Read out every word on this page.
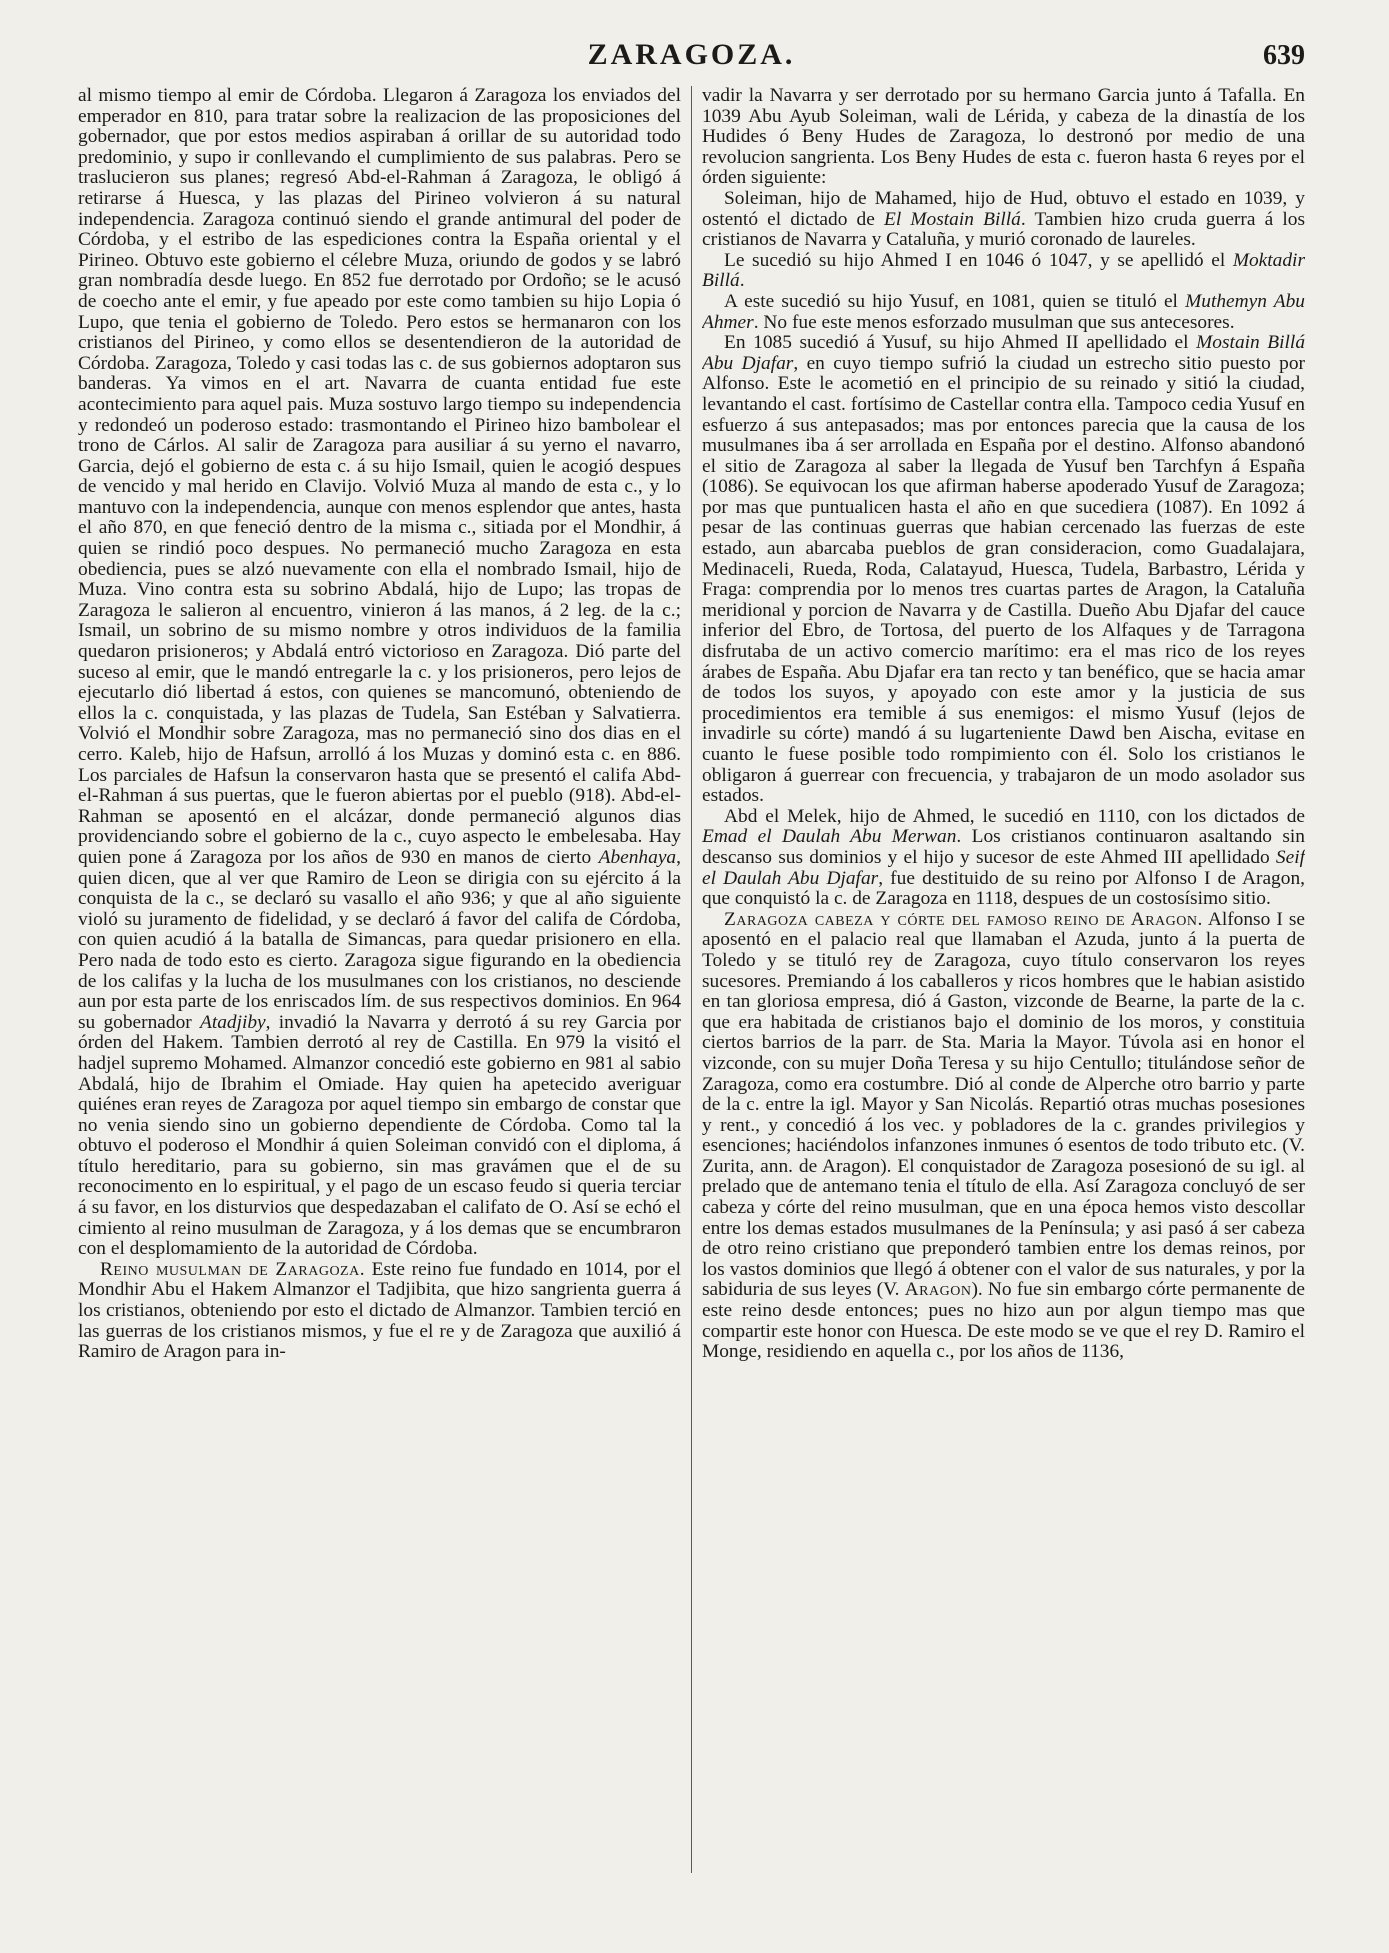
ZARAGOZA.	639

al mismo tiempo al emir de Córdoba. Llegaron á Zaragoza los enviados del emperador en 810, para tratar sobre la realizacion de las proposiciones del gobernador, que por estos medios aspiraban á orillar de su autoridad todo predominio, y supo ir conllevando el cumplimiento de sus palabras. Pero se traslucieron sus planes; regresó Abd-el-Rahman á Zaragoza, le obligó á retirarse á Huesca, y las plazas del Pirineo volvieron á su natural independencia. Zaragoza continuó siendo el grande antimural del poder de Córdoba, y el estribo de las espediciones contra la España oriental y el Pirineo. Obtuvo este gobierno el célebre Muza, oriundo de godos y se labró gran nombradía desde luego. En 852 fue derrotado por Ordoño; se le acusó de coecho ante el emir, y fue apeado por este como tambien su hijo Lopia ó Lupo, que tenia el gobierno de Toledo. Pero estos se hermanaron con los cristianos del Pirineo, y como ellos se desentendieron de la autoridad de Córdoba. Zaragoza, Toledo y casi todas las c. de sus gobiernos adoptaron sus banderas. Ya vimos en el art. Navarra de cuanta entidad fue este acontecimiento para aquel pais. Muza sostuvo largo tiempo su independencia y redondeó un poderoso estado: trasmontando el Pirineo hizo bambolear el trono de Cárlos. Al salir de Zaragoza para ausiliar á su yerno el navarro, Garcia, dejó el gobierno de esta c. á su hijo Ismail, quien le acogió despues de vencido y mal herido en Clavijo. Volvió Muza al mando de esta c., y lo mantuvo con la independencia, aunque con menos esplendor que antes, hasta el año 870, en que feneció dentro de la misma c., sitiada por el Mondhir, á quien se rindió poco despues. No permaneció mucho Zaragoza en esta obediencia, pues se alzó nuevamente con ella el nombrado Ismail, hijo de Muza. Vino contra esta su sobrino Abdalá, hijo de Lupo; las tropas de Zaragoza le salieron al encuentro, vinieron á las manos, á 2 leg. de la c.; Ismail, un sobrino de su mismo nombre y otros individuos de la familia quedaron prisioneros; y Abdalá entró victorioso en Zaragoza. Dió parte del suceso al emir, que le mandó entregarle la c. y los prisioneros, pero lejos de ejecutarlo dió libertad á estos, con quienes se mancomunó, obteniendo de ellos la c. conquistada, y las plazas de Tudela, San Estéban y Salvatierra. Volvió el Mondhir sobre Zaragoza, mas no permaneció sino dos dias en el cerro. Kaleb, hijo de Hafsun, arrolló á los Muzas y dominó esta c. en 886. Los parciales de Hafsun la conservaron hasta que se presentó el califa Abd-el-Rahman á sus puertas, que le fueron abiertas por el pueblo (918). Abd-el-Rahman se aposentó en el alcázar, donde permaneció algunos dias providenciando sobre el gobierno de la c., cuyo aspecto le embelesaba. Hay quien pone á Zaragoza por los años de 930 en manos de cierto Abenhaya, quien dicen, que al ver que Ramiro de Leon se dirigia con su ejército á la conquista de la c., se declaró su vasallo el año 936; y que al año siguiente violó su juramento de fidelidad, y se declaró á favor del califa de Córdoba, con quien acudió á la batalla de Simancas, para quedar prisionero en ella. Pero nada de todo esto es cierto. Zaragoza sigue figurando en la obediencia de los califas y la lucha de los musulmanes con los cristianos, no desciende aun por esta parte de los enriscados lím. de sus respectivos dominios. En 964 su gobernador Atadjiby, invadió la Navarra y derrotó á su rey Garcia por órden del Hakem. Tambien derrotó al rey de Castilla. En 979 la visitó el hadjel supremo Mohamed. Almanzor concedió este gobierno en 981 al sabio Abdalá, hijo de Ibrahim el Omiade. Hay quien ha apetecido averiguar quiénes eran reyes de Zaragoza por aquel tiempo sin embargo de constar que no venia siendo sino un gobierno dependiente de Córdoba. Como tal la obtuvo el poderoso el Mondhir á quien Soleiman convidó con el diploma, á título hereditario, para su gobierno, sin mas gravámen que el de su reconocimento en lo espiritual, y el pago de un escaso feudo si queria terciar á su favor, en los disturvios que despedazaban el califato de O. Así se echó el cimiento al reino musulman de Zaragoza, y á los demas que se encumbraron con el desplomamiento de la autoridad de Córdoba.

Reino musulman de Zaragoza. Este reino fue fundado en 1014, por el Mondhir Abu el Hakem Almanzor el Tadjibita, que hizo sangrienta guerra á los cristianos, obteniendo por esto el dictado de Almanzor. Tambien terció en las guerras de los cristianos mismos, y fue el re y de Zaragoza que auxilió á Ramiro de Aragon para in-

vadir la Navarra y ser derrotado por su hermano Garcia junto á Tafalla. En 1039 Abu Ayub Soleiman, wali de Lérida, y cabeza de la dinastía de los Hudides ó Beny Hudes de Zaragoza, lo destronó por medio de una revolucion sangrienta. Los Beny Hudes de esta c. fueron hasta 6 reyes por el órden siguiente:

Soleiman, hijo de Mahamed, hijo de Hud, obtuvo el estado en 1039, y ostentó el dictado de El Mostain Billá. Tambien hizo cruda guerra á los cristianos de Navarra y Cataluña, y murió coronado de laureles.

Le sucedió su hijo Ahmed I en 1046 ó 1047, y se apellidó el Moktadir Billá.

A este sucedió su hijo Yusuf, en 1081, quien se tituló el Muthemyn Abu Ahmer. No fue este menos esforzado musulman que sus antecesores.

En 1085 sucedió á Yusuf, su hijo Ahmed II apellidado el Mostain Billá Abu Djafar, en cuyo tiempo sufrió la ciudad un estrecho sitio puesto por Alfonso. Este le acometió en el principio de su reinado y sitió la ciudad, levantando el cast. fortísimo de Castellar contra ella. Tampoco cedia Yusuf en esfuerzo á sus antepasados; mas por entonces parecia que la causa de los musulmanes iba á ser arrollada en España por el destino. Alfonso abandonó el sitio de Zaragoza al saber la llegada de Yusuf ben Tarchfyn á España (1086). Se equivocan los que afirman haberse apoderado Yusuf de Zaragoza; por mas que puntualicen hasta el año en que sucediera (1087). En 1092 á pesar de las continuas guerras que habian cercenado las fuerzas de este estado, aun abarcaba pueblos de gran consideracion, como Guadalajara, Medinaceli, Rueda, Roda, Calatayud, Huesca, Tudela, Barbastro, Lérida y Fraga: comprendia por lo menos tres cuartas partes de Aragon, la Cataluña meridional y porcion de Navarra y de Castilla. Dueño Abu Djafar del cauce inferior del Ebro, de Tortosa, del puerto de los Alfaques y de Tarragona disfrutaba de un activo comercio marítimo: era el mas rico de los reyes árabes de España. Abu Djafar era tan recto y tan benéfico, que se hacia amar de todos los suyos, y apoyado con este amor y la justicia de sus procedimientos era temible á sus enemigos: el mismo Yusuf (lejos de invadirle su córte) mandó á su lugarteniente Dawd ben Aischa, evitase en cuanto le fuese posible todo rompimiento con él. Solo los cristianos le obligaron á guerrear con frecuencia, y trabajaron de un modo asolador sus estados.

Abd el Melek, hijo de Ahmed, le sucedió en 1110, con los dictados de Emad el Daulah Abu Merwan. Los cristianos continuaron asaltando sin descanso sus dominios y el hijo y sucesor de este Ahmed III apellidado Seif el Daulah Abu Djafar, fue destituido de su reino por Alfonso I de Aragon, que conquistó la c. de Zaragoza en 1118, despues de un costosísimo sitio.

Zaragoza cabeza y córte del famoso reino de Aragon. Alfonso I se aposentó en el palacio real que llamaban el Azuda, junto á la puerta de Toledo y se tituló rey de Zaragoza, cuyo título conservaron los reyes sucesores. Premiando á los caballeros y ricos hombres que le habian asistido en tan gloriosa empresa, dió á Gaston, vizconde de Bearne, la parte de la c. que era habitada de cristianos bajo el dominio de los moros, y constituia ciertos barrios de la parr. de Sta. Maria la Mayor. Túvola asi en honor el vizconde, con su mujer Doña Teresa y su hijo Centullo; titulándose señor de Zaragoza, como era costumbre. Dió al conde de Alperche otro barrio y parte de la c. entre la igl. Mayor y San Nicolás. Repartió otras muchas posesiones y rent., y concedió á los vec. y pobladores de la c. grandes privilegios y esenciones; haciéndolos infanzones inmunes ó esentos de todo tributo etc. (V. Zurita, ann. de Aragon). El conquistador de Zaragoza posesionó de su igl. al prelado que de antemano tenia el título de ella. Así Zaragoza concluyó de ser cabeza y córte del reino musulman, que en una época hemos visto descollar entre los demas estados musulmanes de la Península; y asi pasó á ser cabeza de otro reino cristiano que preponderó tambien entre los demas reinos, por los vastos dominios que llegó á obtener con el valor de sus naturales, y por la sabiduria de sus leyes (V. Aragon). No fue sin embargo córte permanente de este reino desde entonces; pues no hizo aun por algun tiempo mas que compartir este honor con Huesca. De este modo se ve que el rey D. Ramiro el Monge, residiendo en aquella c., por los años de 1136,
